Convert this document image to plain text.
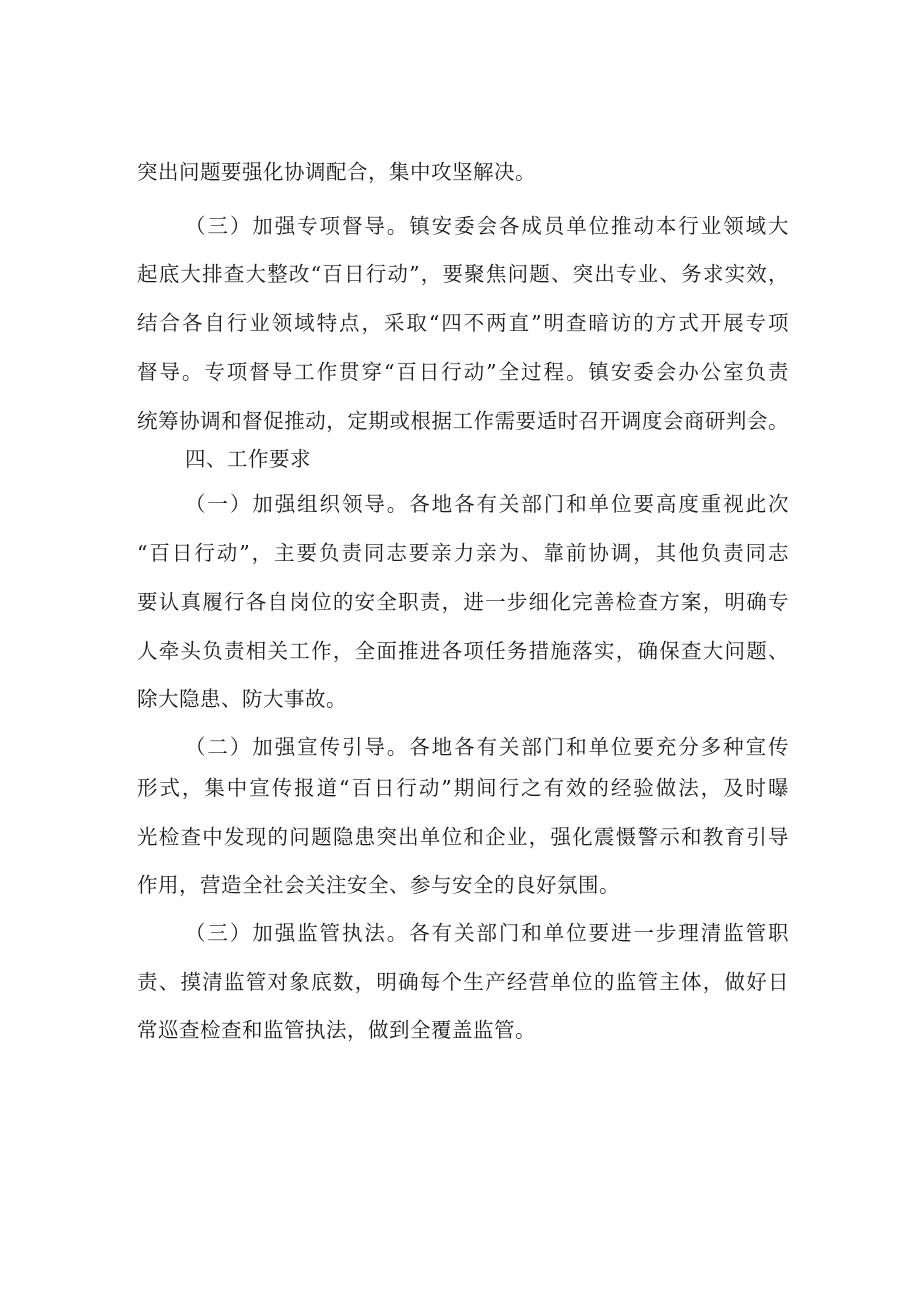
突出问题要强化协调配合，集中攻坚解决。
（三）加强专项督导。镇安委会各成员单位推动本行业领域大
起底大排查大整改“百日行动”，要聚焦问题、突出专业、务求实效，
结合各自行业领域特点，采取“四不两直”明查暗访的方式开展专项
督导。专项督导工作贯穿“百日行动”全过程。镇安委会办公室负责
统筹协调和督促推动，定期或根据工作需要适时召开调度会商研判会。
四、工作要求
（一）加强组织领导。各地各有关部门和单位要高度重视此次
“百日行动”，主要负责同志要亲力亲为、靠前协调，其他负责同志
要认真履行各自岗位的安全职责，进一步细化完善检查方案，明确专
人牵头负责相关工作，全面推进各项任务措施落实，确保查大问题、
除大隐患、防大事故。
（二）加强宣传引导。各地各有关部门和单位要充分多种宣传
形式，集中宣传报道“百日行动”期间行之有效的经验做法，及时曝
光检查中发现的问题隐患突出单位和企业，强化震慑警示和教育引导
作用，营造全社会关注安全、参与安全的良好氛围。
（三）加强监管执法。各有关部门和单位要进一步理清监管职
责、摸清监管对象底数，明确每个生产经营单位的监管主体，做好日
常巡查检查和监管执法，做到全覆盖监管。
